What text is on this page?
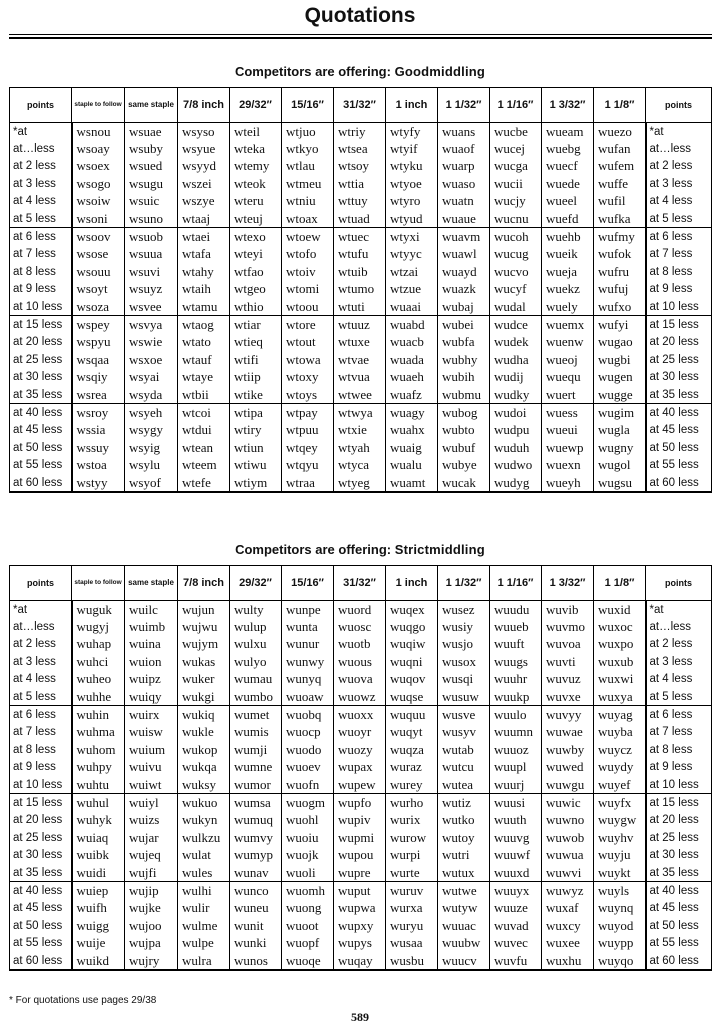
Quotations
Competitors are offering: Goodmiddling
points	staple to follow	same staple	7/8 inch	29/32″	15/16″	31/32″	1 inch	1 1/32″	1 1/16″	1 3/32″	1 1/8″	points
*at	wsnou	wsuae	wsyso	wteil	wtjuo	wtriy	wtyfy	wuans	wucbe	wueam	wuezo	*at
at…less	wsoay	wsuby	wsyue	wteka	wtkyo	wtsea	wtyif	wuaof	wucej	wuebg	wufan	at…less
at 2 less	wsoex	wsued	wsyyd	wtemy	wtlau	wtsoy	wtyku	wuarp	wucga	wuecf	wufem	at 2 less
at 3 less	wsogo	wsugu	wszei	wteok	wtmeu	wttia	wtyoe	wuaso	wucii	wuede	wuffe	at 3 less
at 4 less	wsoiw	wsuic	wszye	wteru	wtniu	wttuy	wtyro	wuatn	wucjy	wueel	wufil	at 4 less
at 5 less	wsoni	wsuno	wtaaj	wteuj	wtoax	wtuad	wtyud	wuaue	wucnu	wuefd	wufka	at 5 less
at 6 less	wsoov	wsuob	wtaei	wtexo	wtoew	wtuec	wtyxi	wuavm	wucoh	wuehb	wufmy	at 6 less
at 7 less	wsose	wsuua	wtafa	wteyi	wtofo	wtufu	wtyyc	wuawl	wucug	wueik	wufok	at 7 less
at 8 less	wsouu	wsuvi	wtahy	wtfao	wtoiv	wtuib	wtzai	wuayd	wucvo	wueja	wufru	at 8 less
at 9 less	wsoyt	wsuyz	wtaih	wtgeo	wtomi	wtumo	wtzue	wuazk	wucyf	wuekz	wufuj	at 9 less
at 10 less	wsoza	wsvee	wtamu	wthio	wtoou	wtuti	wuaai	wubaj	wudal	wuely	wufxo	at 10 less
at 15 less	wspey	wsvya	wtaog	wtiar	wtore	wtuuz	wuabd	wubei	wudce	wuemx	wufyi	at 15 less
at 20 less	wspyu	wswie	wtato	wtieq	wtout	wtuxe	wuacb	wubfa	wudek	wuenw	wugao	at 20 less
at 25 less	wsqaa	wsxoe	wtauf	wtifi	wtowa	wtvae	wuada	wubhy	wudha	wueoj	wugbi	at 25 less
at 30 less	wsqiy	wsyai	wtaye	wtiip	wtoxy	wtvua	wuaeh	wubih	wudij	wuequ	wugen	at 30 less
at 35 less	wsrea	wsyda	wtbii	wtike	wtoys	wtwee	wuafz	wubmu	wudky	wuert	wugge	at 35 less
at 40 less	wsroy	wsyeh	wtcoi	wtipa	wtpay	wtwya	wuagy	wubog	wudoi	wuess	wugim	at 40 less
at 45 less	wssia	wsygy	wtdui	wtiry	wtpuu	wtxie	wuahx	wubto	wudpu	wueui	wugla	at 45 less
at 50 less	wssuy	wsyig	wtean	wtiun	wtqey	wtyah	wuaig	wubuf	wuduh	wuewp	wugny	at 50 less
at 55 less	wstoa	wsylu	wteem	wtiwu	wtqyu	wtyca	wualu	wubye	wudwo	wuexn	wugol	at 55 less
at 60 less	wstyy	wsyof	wtefe	wtiym	wtraa	wtyeg	wuamt	wucak	wudyg	wueyh	wugsu	at 60 less
Competitors are offering: Strictmiddling
points	staple to follow	same staple	7/8 inch	29/32″	15/16″	31/32″	1 inch	1 1/32″	1 1/16″	1 3/32″	1 1/8″	points
*at	wuguk	wuilc	wujun	wulty	wunpe	wuord	wuqex	wusez	wuudu	wuvib	wuxid	*at
at…less	wugyj	wuimb	wujwu	wulup	wunta	wuosc	wuqgo	wusiy	wuueb	wuvmo	wuxoc	at…less
at 2 less	wuhap	wuina	wujym	wulxu	wunur	wuotb	wuqiw	wusjo	wuuft	wuvoa	wuxpo	at 2 less
at 3 less	wuhci	wuion	wukas	wulyo	wunwy	wuous	wuqni	wusox	wuugs	wuvti	wuxub	at 3 less
at 4 less	wuheo	wuipz	wuker	wumau	wunyq	wuova	wuqov	wusqi	wuuhr	wuvuz	wuxwi	at 4 less
at 5 less	wuhhe	wuiqy	wukgi	wumbo	wuoaw	wuowz	wuqse	wusuw	wuukp	wuvxe	wuxya	at 5 less
at 6 less	wuhin	wuirx	wukiq	wumet	wuobq	wuoxx	wuquu	wusve	wuulo	wuvyy	wuyag	at 6 less
at 7 less	wuhma	wuisw	wukle	wumis	wuocp	wuoyr	wuqyt	wusyv	wuumn	wuwae	wuyba	at 7 less
at 8 less	wuhom	wuium	wukop	wumji	wuodo	wuozy	wuqza	wutab	wuuoz	wuwby	wuycz	at 8 less
at 9 less	wuhpy	wuivu	wukqa	wumne	wuoev	wupax	wuraz	wutcu	wuupl	wuwed	wuydy	at 9 less
at 10 less	wuhtu	wuiwt	wuksy	wumor	wuofn	wupew	wurey	wutea	wuurj	wuwgu	wuyef	at 10 less
at 15 less	wuhul	wuiyl	wukuo	wumsa	wuogm	wupfo	wurho	wutiz	wuusi	wuwic	wuyfx	at 15 less
at 20 less	wuhyk	wuizs	wukyn	wumuq	wuohl	wupiv	wurix	wutko	wuuth	wuwno	wuygw	at 20 less
at 25 less	wuiaq	wujar	wulkzu	wumvy	wuoiu	wupmi	wurow	wutoy	wuuvg	wuwob	wuyhv	at 25 less
at 30 less	wuibk	wujeq	wulat	wumyp	wuojk	wupou	wurpi	wutri	wuuwf	wuwua	wuyju	at 30 less
at 35 less	wuidi	wujfi	wules	wunav	wuoli	wupre	wurte	wutux	wuuxd	wuwvi	wuykt	at 35 less
at 40 less	wuiep	wujip	wulhi	wunco	wuomh	wuput	wuruv	wutwe	wuuyx	wuwyz	wuyls	at 40 less
at 45 less	wuifh	wujke	wulir	wuneu	wuong	wupwa	wurxa	wutyw	wuuze	wuxaf	wuynq	at 45 less
at 50 less	wuigg	wujoo	wulme	wunit	wuoot	wupxy	wuryu	wuuac	wuvad	wuxcy	wuyod	at 50 less
at 55 less	wuije	wujpa	wulpe	wunki	wuopf	wupys	wusaa	wuubw	wuvec	wuxee	wuypp	at 55 less
at 60 less	wuikd	wujry	wulra	wunos	wuoqe	wuqay	wusbu	wuucv	wuvfu	wuxhu	wuyqo	at 60 less
* For quotations use pages 29/38
589
